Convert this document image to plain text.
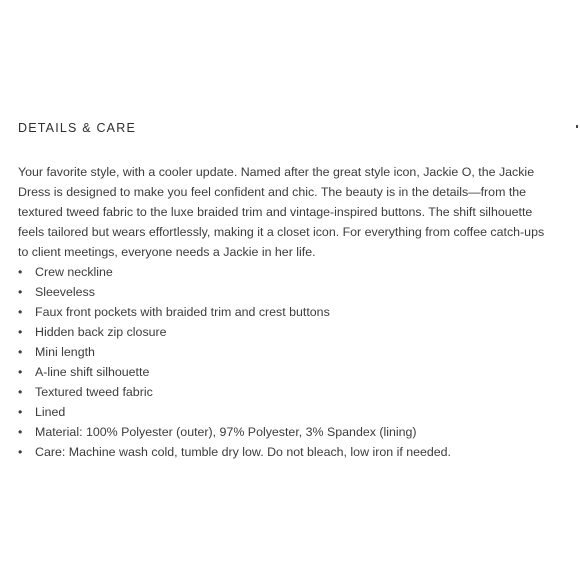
DETAILS & CARE

Your favorite style, with a cooler update. Named after the great style icon, Jackie O, the Jackie
Dress is designed to make you feel confident and chic. The beauty is in the details—from the
textured tweed fabric to the luxe braided trim and vintage-inspired buttons. The shift silhouette
feels tailored but wears effortlessly, making it a closet icon. For everything from coffee catch-ups
to client meetings, everyone needs a Jackie in her life.

•	Crew neckline
•	Sleeveless
•	Faux front pockets with braided trim and crest buttons
•	Hidden back zip closure
•	Mini length
•	A-line shift silhouette
•	Textured tweed fabric
•	Lined
•	Material: 100% Polyester (outer), 97% Polyester, 3% Spandex (lining)
•	Care: Machine wash cold, tumble dry low. Do not bleach, low iron if needed.
